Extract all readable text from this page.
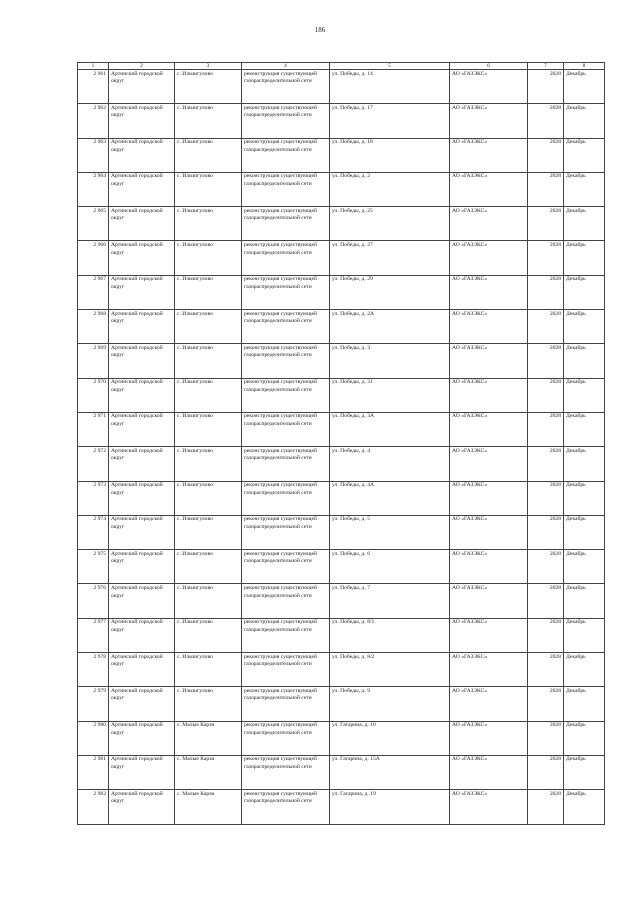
186
1	2	3	4	5	6	7	8
2 961	Артинский городской округ	с. Ильчигулово	реконструкция существующей газораспределительной сети	ул. Победы, д. 14	АО «ГАЗЭКС»	2028	Декабрь
2 962	Артинский городской округ	с. Ильчигулово	реконструкция существующей газораспределительной сети	ул. Победы, д. 17	АО «ГАЗЭКС»	2028	Декабрь
2 963	Артинский городской округ	с. Ильчигулово	реконструкция существующей газораспределительной сети	ул. Победы, д. 18	АО «ГАЗЭКС»	2028	Декабрь
2 964	Артинский городской округ	с. Ильчигулово	реконструкция существующей газораспределительной сети	ул. Победы, д. 2	АО «ГАЗЭКС»	2028	Декабрь
2 965	Артинский городской округ	с. Ильчигулово	реконструкция существующей газораспределительной сети	ул. Победы, д. 25	АО «ГАЗЭКС»	2028	Декабрь
2 966	Артинский городской округ	с. Ильчигулово	реконструкция существующей газораспределительной сети	ул. Победы, д. 27	АО «ГАЗЭКС»	2028	Декабрь
2 967	Артинский городской округ	с. Ильчигулово	реконструкция существующей газораспределительной сети	ул. Победы, д. 29	АО «ГАЗЭКС»	2028	Декабрь
2 968	Артинский городской округ	с. Ильчигулово	реконструкция существующей газораспределительной сети	ул. Победы, д. 2А	АО «ГАЗЭКС»	2028	Декабрь
2 969	Артинский городской округ	с. Ильчигулово	реконструкция существующей газораспределительной сети	ул. Победы, д. 3	АО «ГАЗЭКС»	2028	Декабрь
2 970	Артинский городской округ	с. Ильчигулово	реконструкция существующей газораспределительной сети	ул. Победы, д. 31	АО «ГАЗЭКС»	2028	Декабрь
2 971	Артинский городской округ	с. Ильчигулово	реконструкция существующей газораспределительной сети	ул. Победы, д. 3А	АО «ГАЗЭКС»	2028	Декабрь
2 972	Артинский городской округ	с. Ильчигулово	реконструкция существующей газораспределительной сети	ул. Победы, д. 4	АО «ГАЗЭКС»	2028	Декабрь
2 973	Артинский городской округ	с. Ильчигулово	реконструкция существующей газораспределительной сети	ул. Победы, д. 4А	АО «ГАЗЭКС»	2028	Декабрь
2 974	Артинский городской округ	с. Ильчигулово	реконструкция существующей газораспределительной сети	ул. Победы, д. 5	АО «ГАЗЭКС»	2028	Декабрь
2 975	Артинский городской округ	с. Ильчигулово	реконструкция существующей газораспределительной сети	ул. Победы, д. 6	АО «ГАЗЭКС»	2028	Декабрь
2 976	Артинский городской округ	с. Ильчигулово	реконструкция существующей газораспределительной сети	ул. Победы, д. 7	АО «ГАЗЭКС»	2028	Декабрь
2 977	Артинский городской округ	с. Ильчигулово	реконструкция существующей газораспределительной сети	ул. Победы, д. 8/1	АО «ГАЗЭКС»	2028	Декабрь
2 978	Артинский городской округ	с. Ильчигулово	реконструкция существующей газораспределительной сети	ул. Победы, д. 8/2	АО «ГАЗЭКС»	2028	Декабрь
2 979	Артинский городской округ	с. Ильчигулово	реконструкция существующей газораспределительной сети	ул. Победы, д. 9	АО «ГАЗЭКС»	2028	Декабрь
2 980	Артинский городской округ	с. Малые Карзи	реконструкция существующей газораспределительной сети	ул. Гагарина, д. 10	АО «ГАЗЭКС»	2028	Декабрь
2 981	Артинский городской округ	с. Малые Карзи	реконструкция существующей газораспределительной сети	ул. Гагарина, д. 15А	АО «ГАЗЭКС»	2028	Декабрь
2 982	Артинский городской округ	с. Малые Карзи	реконструкция существующей газораспределительной сети	ул. Гагарина, д. 19	АО «ГАЗЭКС»	2028	Декабрь
